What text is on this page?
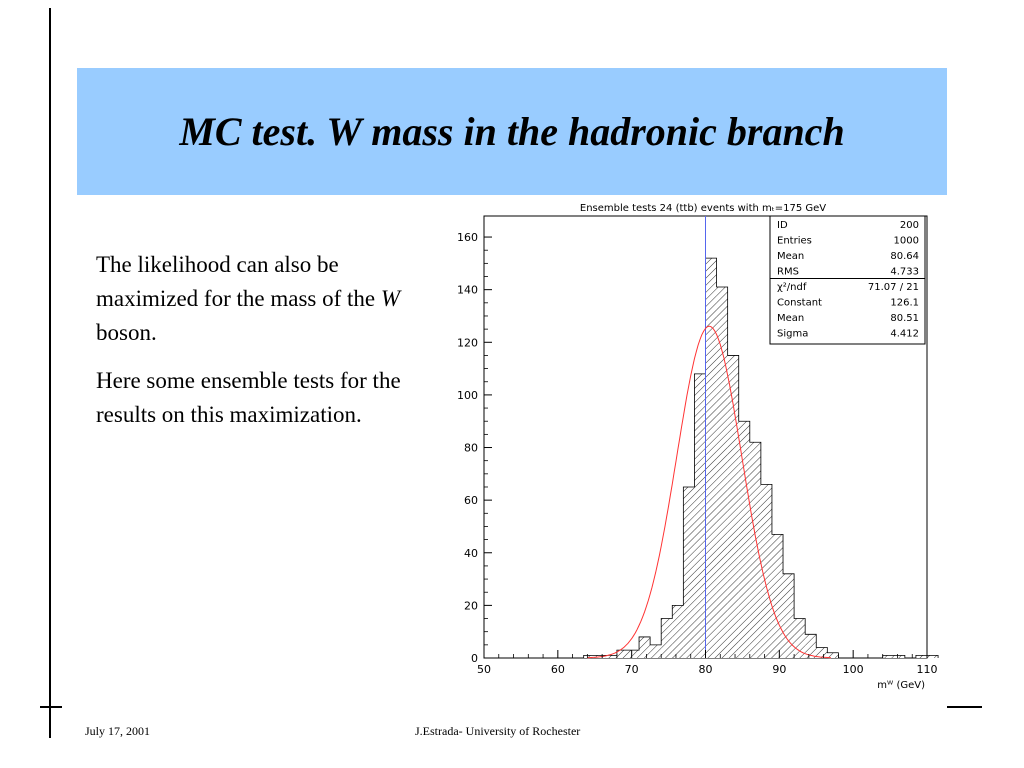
MC test. W mass in the hadronic branch

The likelihood can also be maximized for the mass of the W boson.

Here some ensemble tests for the results on this maximization.

Ensemble tests 24 (ttb) events with mₜ=175 GeV
0
20
40
60
80
100
120
140
160
50	60	70	80	90	100	110
mᵂ (GeV)
ID	200
Entries	1000
Mean	80.64
RMS	4.733
χ²/ndf	71.07 / 21
Constant	126.1
Mean	80.51
Sigma	4.412
July 17, 2001	J.Estrada- University of Rochester
